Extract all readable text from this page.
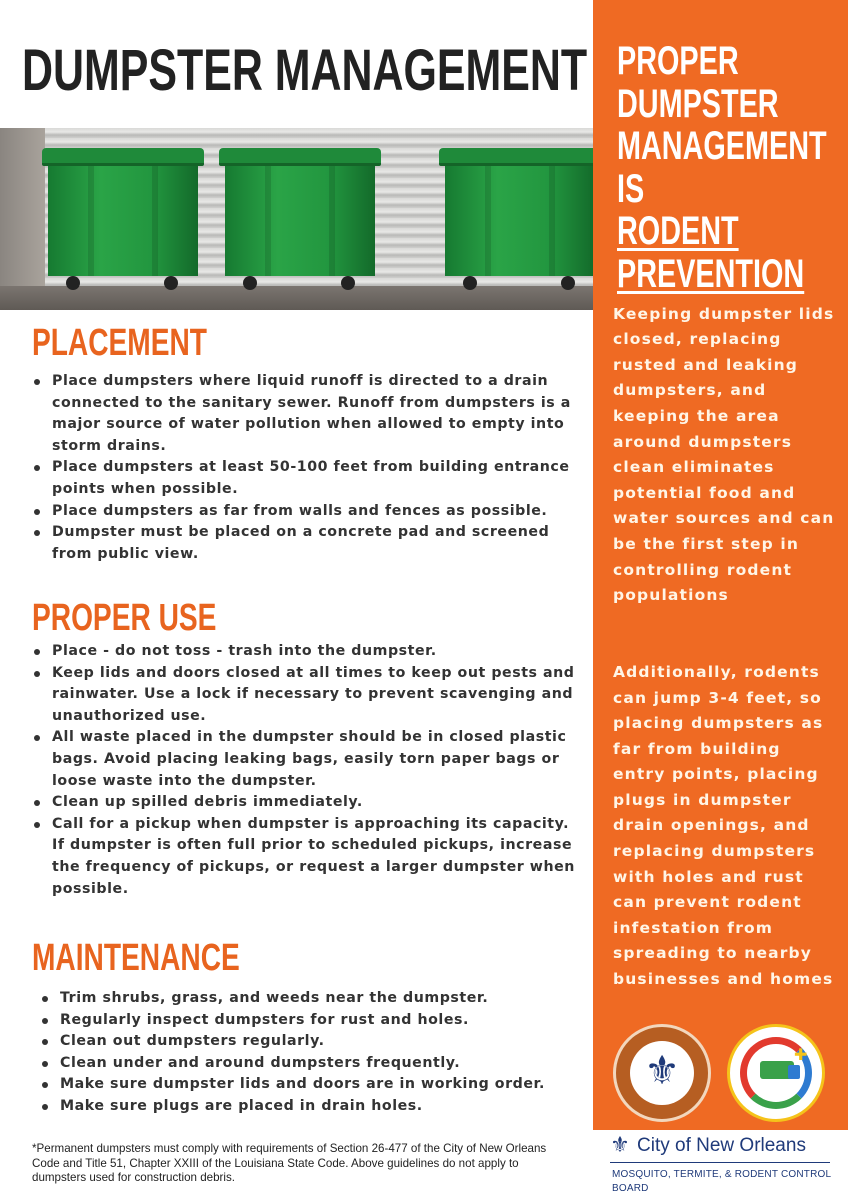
DUMPSTER MANAGEMENT
PLACEMENT
Place dumpsters where liquid runoff is directed to a drain connected to the sanitary sewer. Runoff from dumpsters is a major source of water pollution when allowed to empty into storm drains.
Place dumpsters at least 50-100 feet from building entrance points when possible.
Place dumpsters as far from walls and fences as possible.
Dumpster must be placed on a concrete pad and screened from public view.
PROPER USE
Place - do not toss - trash into the dumpster.
Keep lids and doors closed at all times to keep out pests and rainwater. Use a lock if necessary to prevent scavenging and unauthorized use.
All waste placed in the dumpster should be in closed plastic bags. Avoid placing leaking bags, easily torn paper bags or loose waste into the dumpster.
Clean up spilled debris immediately.
Call for a pickup when dumpster is approaching its capacity. If dumpster is often full prior to scheduled pickups, increase the frequency of pickups, or request a larger dumpster when possible.
MAINTENANCE
Trim shrubs, grass, and weeds near the dumpster.
Regularly inspect dumpsters for rust and holes.
Clean out dumpsters regularly.
Clean under and around dumpsters frequently.
Make sure dumpster lids and doors are in working order.
Make sure plugs are placed in drain holes.

*Permanent dumpsters must comply with requirements of Section 26-477 of the City of New Orleans Code and Title 51, Chapter XXIII of the Louisiana State Code. Above guidelines do not apply to dumpsters used for construction debris.

PROPER
DUMPSTER
MANAGEMENT IS
RODENT
PREVENTION

Keeping dumpster lids closed, replacing rusted and leaking dumpsters, and keeping the area around dumpsters clean eliminates potential food and water sources and can be the first step in controlling rodent populations

Additionally, rodents can jump 3-4 feet, so placing dumpsters as far from building entry points, placing plugs in dumpster drain openings, and replacing dumpsters with holes and rust can prevent rodent infestation from spreading to nearby businesses and homes

⚜	✚
⚜ City of New Orleans
MOSQUITO, TERMITE, & RODENT CONTROL BOARD
